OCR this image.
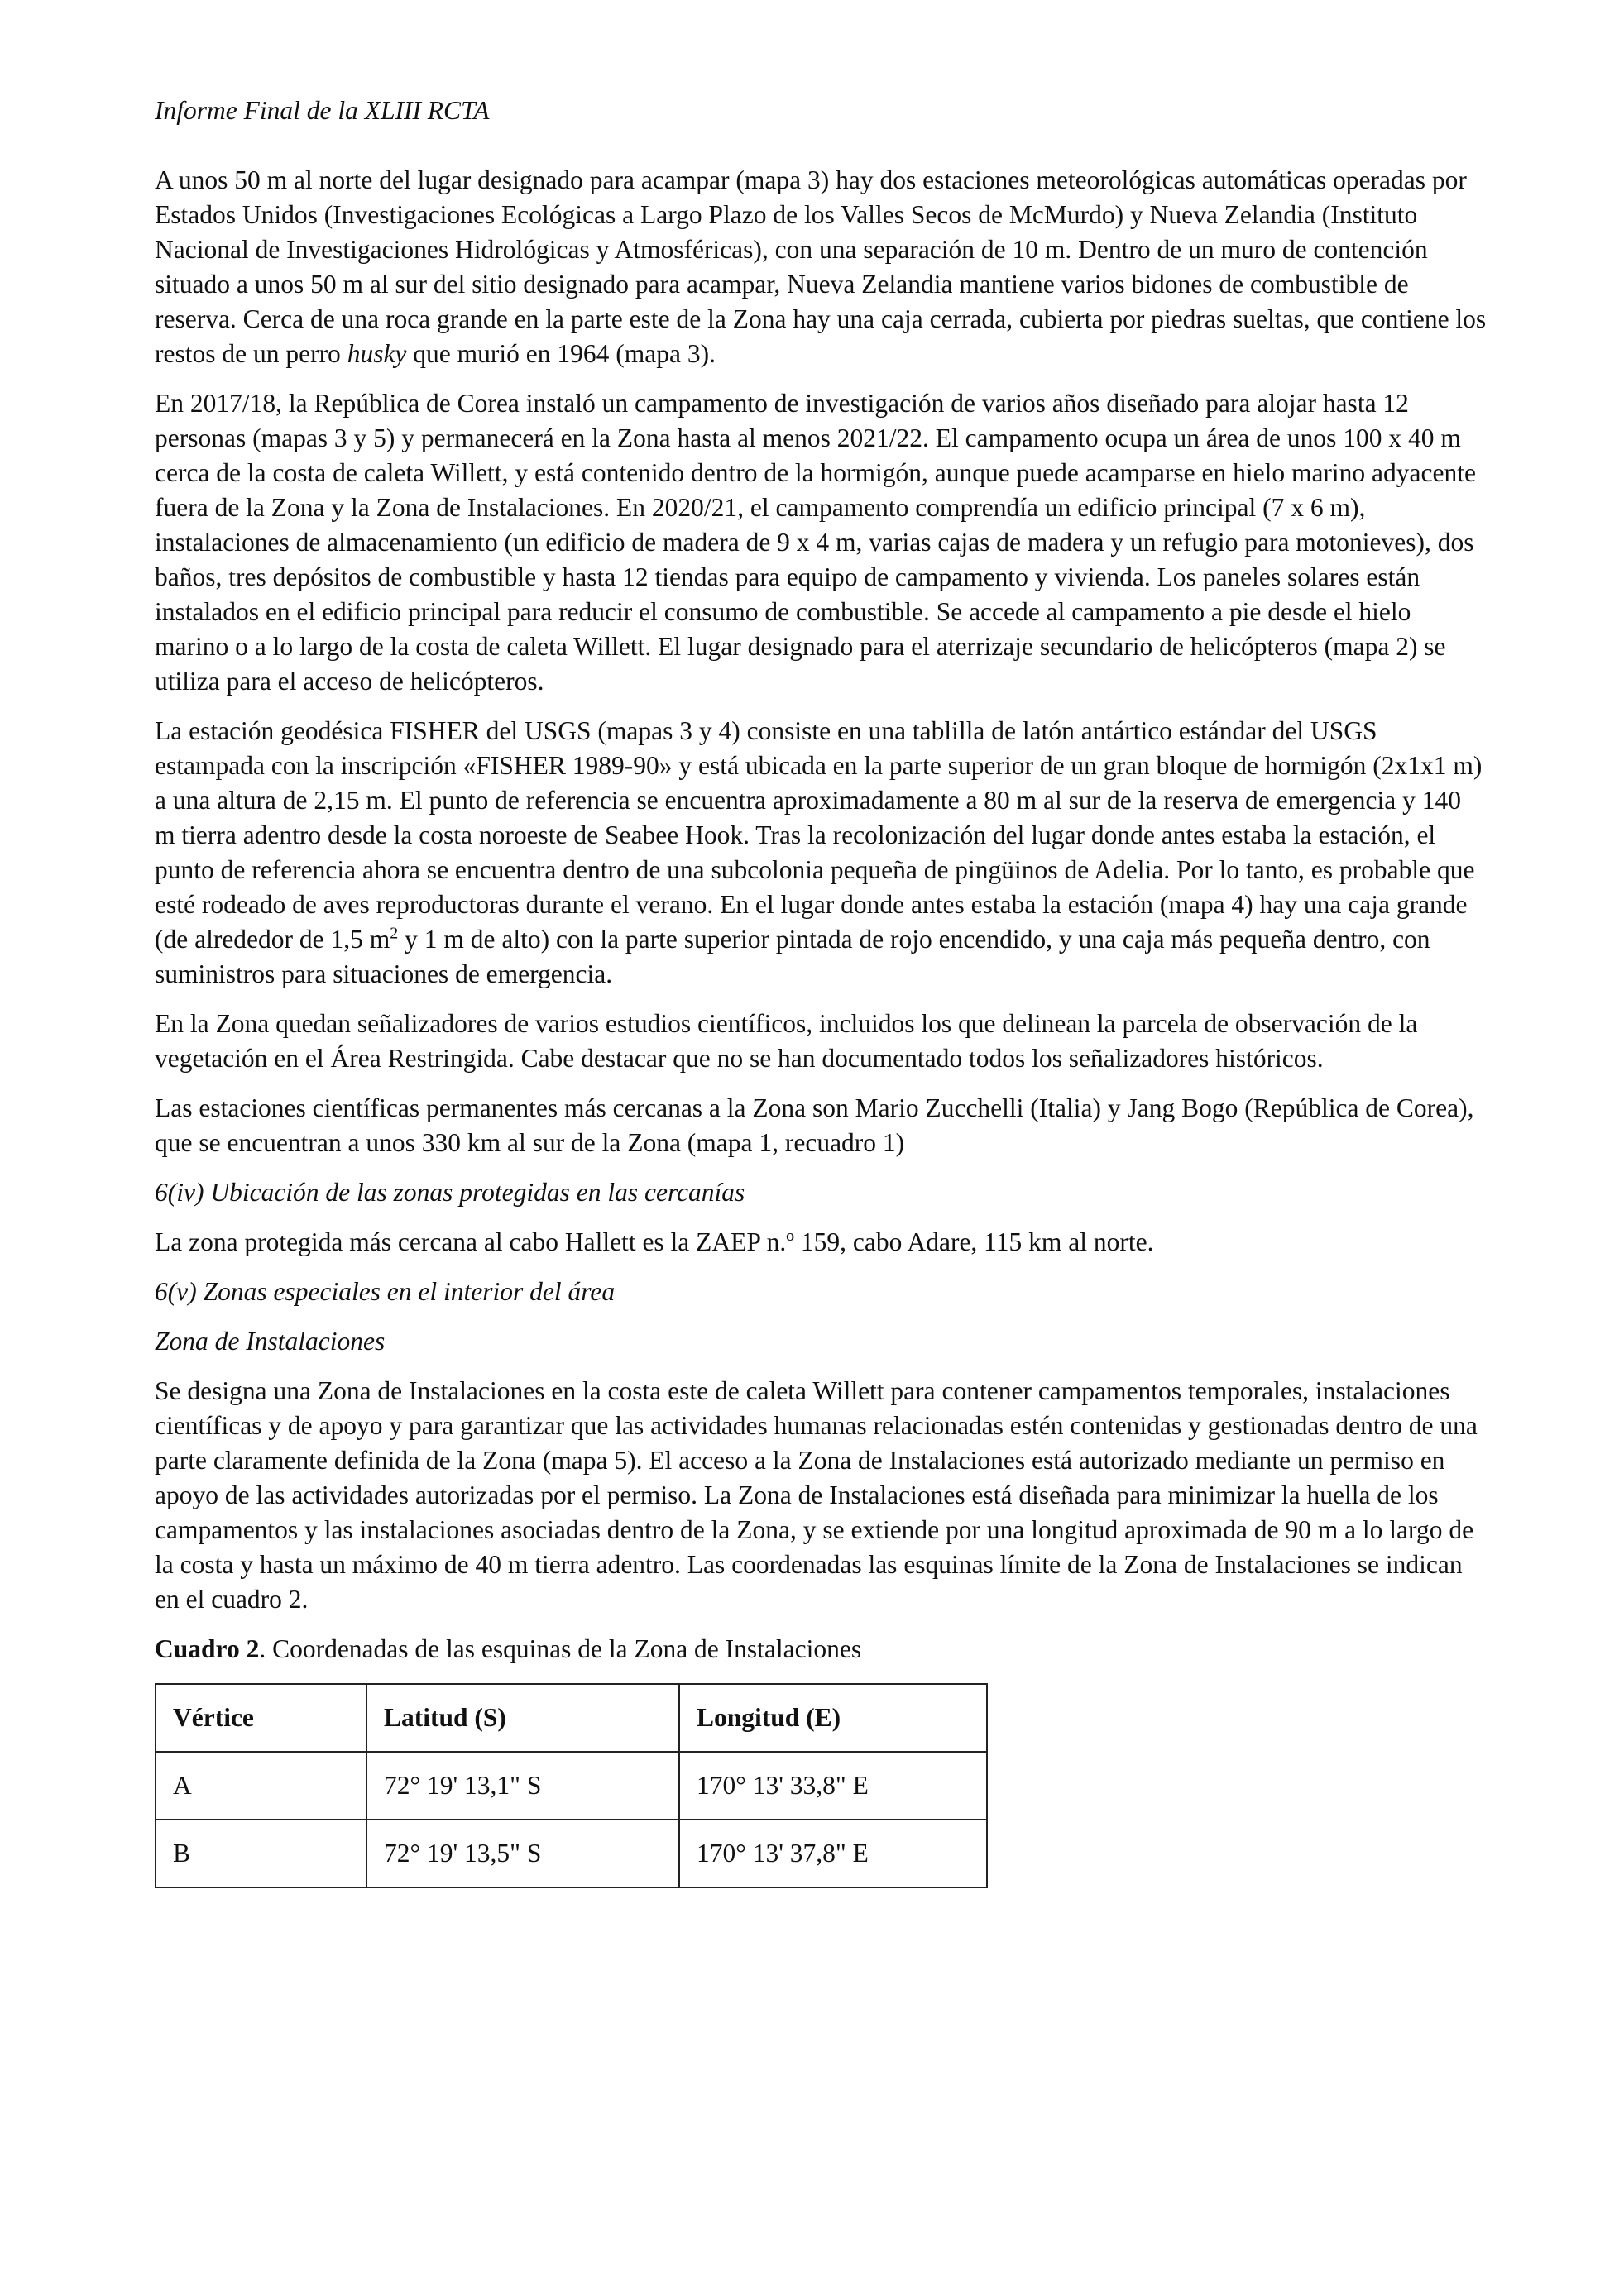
Informe Final de la XLIII RCTA

A unos 50 m al norte del lugar designado para acampar (mapa 3) hay dos estaciones meteorológicas automáticas operadas por Estados Unidos (Investigaciones Ecológicas a Largo Plazo de los Valles Secos de McMurdo) y Nueva Zelandia (Instituto Nacional de Investigaciones Hidrológicas y Atmosféricas), con una separación de 10 m. Dentro de un muro de contención situado a unos 50 m al sur del sitio designado para acampar, Nueva Zelandia mantiene varios bidones de combustible de reserva. Cerca de una roca grande en la parte este de la Zona hay una caja cerrada, cubierta por piedras sueltas, que contiene los restos de un perro husky que murió en 1964 (mapa 3).

En 2017/18, la República de Corea instaló un campamento de investigación de varios años diseñado para alojar hasta 12 personas (mapas 3 y 5) y permanecerá en la Zona hasta al menos 2021/22. El campamento ocupa un área de unos 100 x 40 m cerca de la costa de caleta Willett, y está contenido dentro de la hormigón, aunque puede acamparse en hielo marino adyacente fuera de la Zona y la Zona de Instalaciones. En 2020/21, el campamento comprendía un edificio principal (7 x 6 m), instalaciones de almacenamiento (un edificio de madera de 9 x 4 m, varias cajas de madera y un refugio para motonieves), dos baños, tres depósitos de combustible y hasta 12 tiendas para equipo de campamento y vivienda. Los paneles solares están instalados en el edificio principal para reducir el consumo de combustible. Se accede al campamento a pie desde el hielo marino o a lo largo de la costa de caleta Willett. El lugar designado para el aterrizaje secundario de helicópteros (mapa 2) se utiliza para el acceso de helicópteros.

La estación geodésica FISHER del USGS (mapas 3 y 4) consiste en una tablilla de latón antártico estándar del USGS estampada con la inscripción «FISHER 1989-90» y está ubicada en la parte superior de un gran bloque de hormigón (2x1x1 m) a una altura de 2,15 m. El punto de referencia se encuentra aproximadamente a 80 m al sur de la reserva de emergencia y 140 m tierra adentro desde la costa noroeste de Seabee Hook. Tras la recolonización del lugar donde antes estaba la estación, el punto de referencia ahora se encuentra dentro de una subcolonia pequeña de pingüinos de Adelia. Por lo tanto, es probable que esté rodeado de aves reproductoras durante el verano. En el lugar donde antes estaba la estación (mapa 4) hay una caja grande (de alrededor de 1,5 $m^2$ y 1 m de alto) con la parte superior pintada de rojo encendido, y una caja más pequeña dentro, con suministros para situaciones de emergencia.

En la Zona quedan señalizadores de varios estudios científicos, incluidos los que delinean la parcela de observación de la vegetación en el Área Restringida. Cabe destacar que no se han documentado todos los señalizadores históricos.

Las estaciones científicas permanentes más cercanas a la Zona son Mario Zucchelli (Italia) y Jang Bogo (República de Corea), que se encuentran a unos 330 km al sur de la Zona (mapa 1, recuadro 1)

6(iv) Ubicación de las zonas protegidas en las cercanías

La zona protegida más cercana al cabo Hallett es la ZAEP n.º 159, cabo Adare, 115 km al norte.

6(v) Zonas especiales en el interior del área
Zona de Instalaciones

Se designa una Zona de Instalaciones en la costa este de caleta Willett para contener campamentos temporales, instalaciones científicas y de apoyo y para garantizar que las actividades humanas relacionadas estén contenidas y gestionadas dentro de una parte claramente definida de la Zona (mapa 5). El acceso a la Zona de Instalaciones está autorizado mediante un permiso en apoyo de las actividades autorizadas por el permiso. La Zona de Instalaciones está diseñada para minimizar la huella de los campamentos y las instalaciones asociadas dentro de la Zona, y se extiende por una longitud aproximada de 90 m a lo largo de la costa y hasta un máximo de 40 m tierra adentro. Las coordenadas las esquinas límite de la Zona de Instalaciones se indican en el cuadro 2.

Cuadro 2. Coordenadas de las esquinas de la Zona de Instalaciones
Vértice	Latitud (S)	Longitud (E)
A	72° 19' 13,1" S	170° 13' 33,8" E
B	72° 19' 13,5" S	170° 13' 37,8" E
